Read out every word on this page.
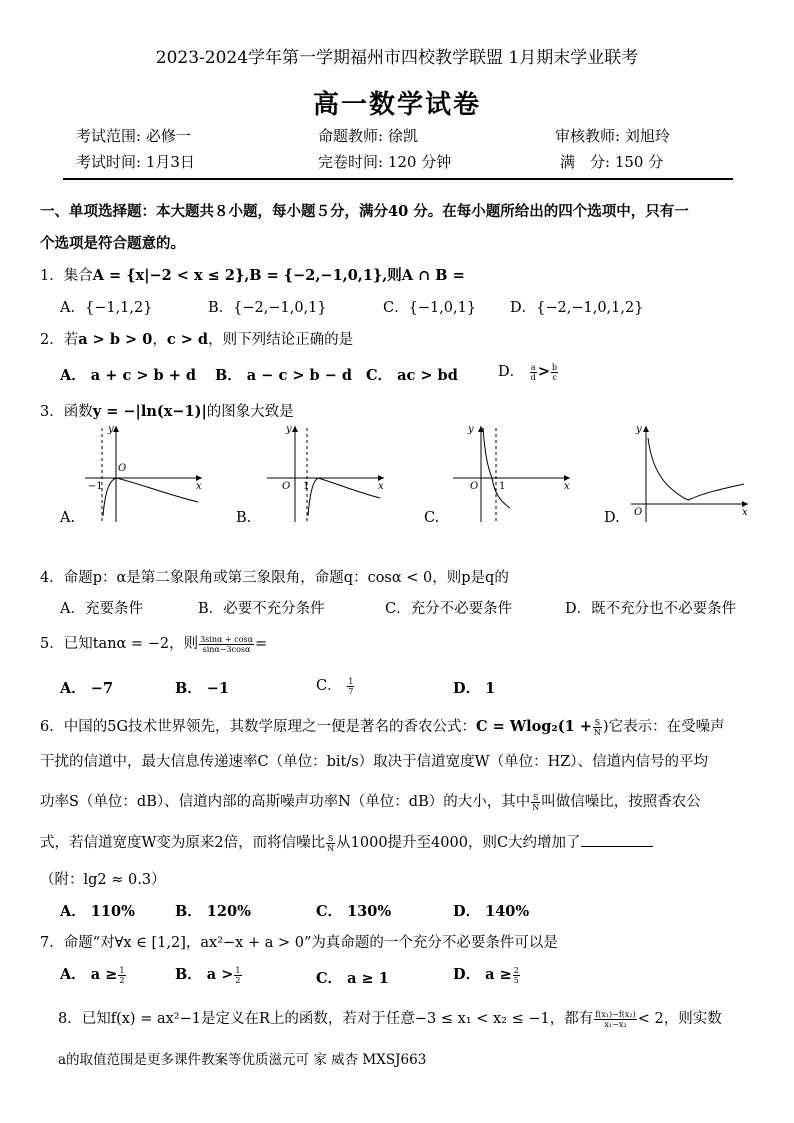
2023-2024学年第一学期福州市四校教学联盟 1月期末学业联考
高一数学试卷
考试范围: 必修一	命题教师: 徐凯	审核教师: 刘旭玲
考试时间: 1月3日	完卷时间: 120 分钟	满　分: 150 分
一、单项选择题：本大题共８小题，每小题５分，满分40 分。在每小题所给出的四个选项中，只有一
个选项是符合题意的。
1．集合A = {x|−2 < x ≤ 2},B = {−2,−1,0,1},则A ∩ B =
A．{−1,1,2}	B．{−2,−1,0,1}	C．{−1,0,1} D．{−2,−1,0,1,2}
2．若a > b > 0，c > d，则下列结论正确的是
A． a + c > b + d B． a − c > b − d C． ac > bd	D． $\frac{a}{d} > \frac{b}{c}$
3．函数y = −|ln(x−1)|的图象大致是
y
x
O
−1
A.
y
x
O 1
B.
y
x
O 1
C.
y
x
O
D.
4．命题p：α是第二象限角或第三象限角，命题q：cosα < 0，则p是q的
A．充要条件	B．必要不充分条件	C．充分不必要条件	D．既不充分也不必要条件
5．已知tanα = −2，则 $\frac{3\sin\alpha + \cos\alpha}{\sin\alpha-3\cos\alpha}$ =
A． −7	B． −1	C． $\frac{1}{7}$	D． 1
6．中国的5G技术世界领先，其数学原理之一便是著名的香农公式：$C = Wlog_2(1 + \frac{S}{N}$ )它表示：在受噪声
干扰的信道中，最大信息传递速率C（单位：bit/s）取决于信道宽度W（单位：HZ）、信道内信号的平均
功率S（单位：dB）、信道内部的高斯噪声功率N（单位：dB）的大小，其中 $\frac{S}{N}$ 叫做信噪比，按照香农公
式，若信道宽度W变为原来2倍，而将信噪比 $\frac{S}{N}$ 从1000提升至4000，则C大约增加了
（附：lg2 ≈ 0.3）
A． 110%	B． 120%	C． 130%	D． 140%
7．命题“对∀x ∈ [1,2]，ax²−x + a > 0”为真命题的一个充分不必要条件可以是
A． $a \ge \frac{1}{2}$	B． $a > \frac{1}{2}$	C． a ≥ 1	D． $a \ge \frac{2}{5}$
8．已知f(x) = ax²−1是定义在R上的函数，若对于任意−3 ≤ x₁ < x₂ ≤ −1，都有 $\frac{\text{f(x₁)−f(x₂)}}{\text{x₁−x₂}} < 2$，则实数
a的取值范围是更多课件教案等优质滋元可 家 威杏 MXSJ663
